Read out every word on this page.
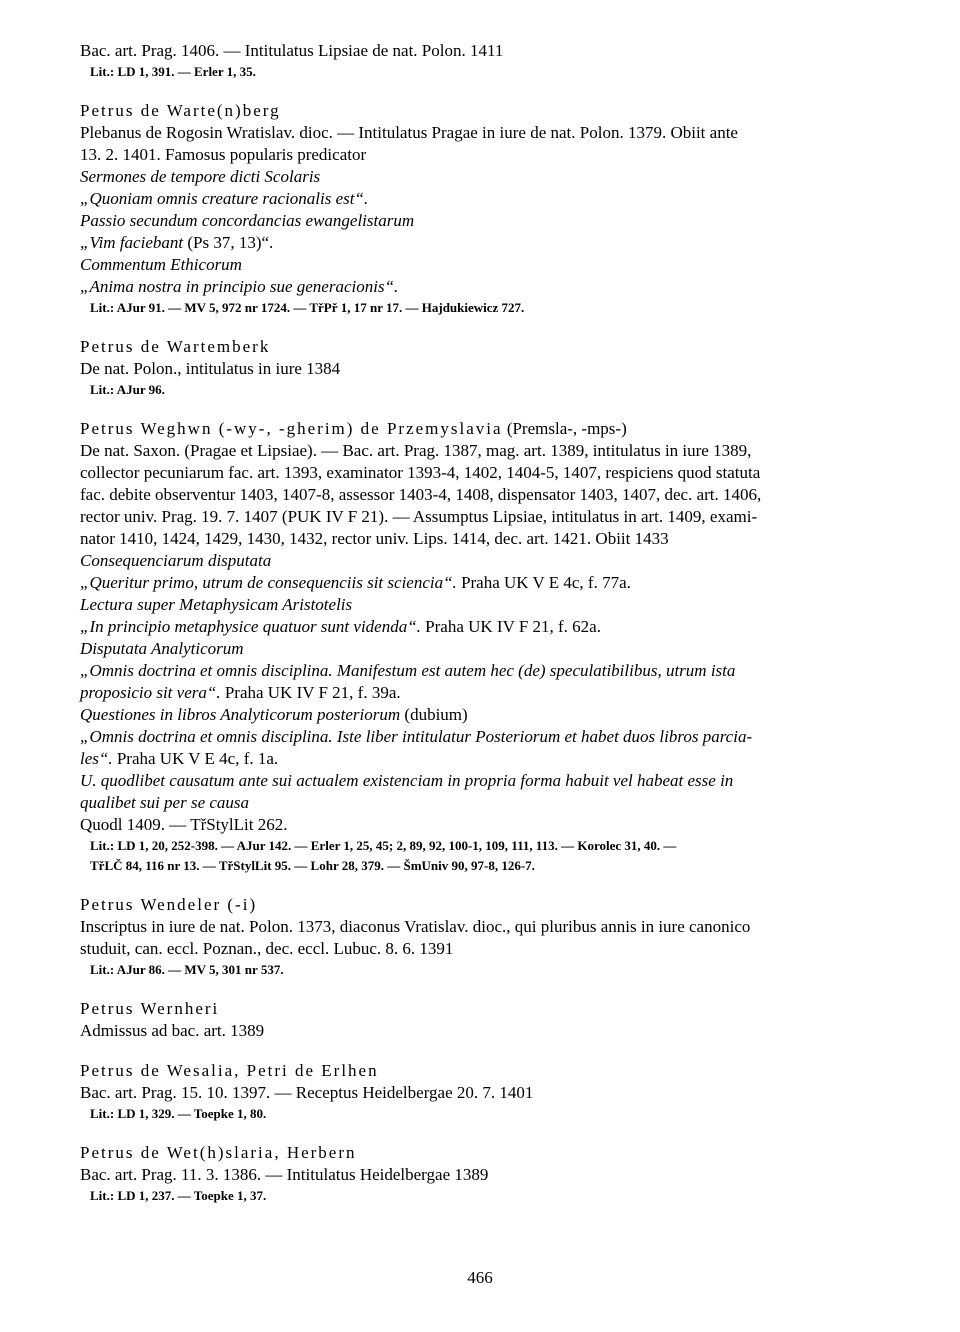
Bac. art. Prag. 1406. — Intitulatus Lipsiae de nat. Polon. 1411
Lit.: LD 1, 391. — Erler 1, 35.
Petrus de Warte(n)berg
Plebanus de Rogosin Wratislav. dioc. — Intitulatus Pragae in iure de nat. Polon. 1379. Obiit ante
13. 2. 1401. Famosus popularis predicator
Sermones de tempore dicti Scolaris
„Quoniam omnis creature racionalis est“.
Passio secundum concordancias ewangelistarum
„Vim faciebant (Ps 37, 13)“.
Commentum Ethicorum
„Anima nostra in principio sue generacionis“.
Lit.: AJur 91. — MV 5, 972 nr 1724. — TřPř 1, 17 nr 17. — Hajdukiewicz 727.
Petrus de Wartemberk
De nat. Polon., intitulatus in iure 1384
Lit.: AJur 96.
Petrus Weghwn (-wy-, -gherim) de Przemyslavia (Premsla-, -mps-)
De nat. Saxon. (Pragae et Lipsiae). — Bac. art. Prag. 1387, mag. art. 1389, intitulatus in iure 1389,
collector pecuniarum fac. art. 1393, examinator 1393-4, 1402, 1404-5, 1407, respiciens quod statuta
fac. debite observentur 1403, 1407-8, assessor 1403-4, 1408, dispensator 1403, 1407, dec. art. 1406,
rector univ. Prag. 19. 7. 1407 (PUK IV F 21). — Assumptus Lipsiae, intitulatus in art. 1409, exami-
nator 1410, 1424, 1429, 1430, 1432, rector univ. Lips. 1414, dec. art. 1421. Obiit 1433
Consequenciarum disputata
„Queritur primo, utrum de consequenciis sit sciencia“. Praha UK V E 4c, f. 77a.
Lectura super Metaphysicam Aristotelis
„In principio metaphysice quatuor sunt videnda“. Praha UK IV F 21, f. 62a.
Disputata Analyticorum
„Omnis doctrina et omnis disciplina. Manifestum est autem hec (de) speculatibilibus, utrum ista
proposicio sit vera“. Praha UK IV F 21, f. 39a.
Questiones in libros Analyticorum posteriorum (dubium)
„Omnis doctrina et omnis disciplina. Iste liber intitulatur Posteriorum et habet duos libros parcia-
les“. Praha UK V E 4c, f. 1a.
U. quodlibet causatum ante sui actualem existenciam in propria forma habuit vel habeat esse in
qualibet sui per se causa
Quodl 1409. — TřStylLit 262.
Lit.: LD 1, 20, 252-398. — AJur 142. — Erler 1, 25, 45; 2, 89, 92, 100-1, 109, 111, 113. — Korolec 31, 40. —
TřLČ 84, 116 nr 13. — TřStylLit 95. — Lohr 28, 379. — ŠmUniv 90, 97-8, 126-7.
Petrus Wendeler (-i)
Inscriptus in iure de nat. Polon. 1373, diaconus Vratislav. dioc., qui pluribus annis in iure canonico
studuit, can. eccl. Poznan., dec. eccl. Lubuc. 8. 6. 1391
Lit.: AJur 86. — MV 5, 301 nr 537.
Petrus Wernheri
Admissus ad bac. art. 1389
Petrus de Wesalia, Petri de Erlhen
Bac. art. Prag. 15. 10. 1397. — Receptus Heidelbergae 20. 7. 1401
Lit.: LD 1, 329. — Toepke 1, 80.
Petrus de Wet(h)slaria, Herbern
Bac. art. Prag. 11. 3. 1386. — Intitulatus Heidelbergae 1389
Lit.: LD 1, 237. — Toepke 1, 37.
466
